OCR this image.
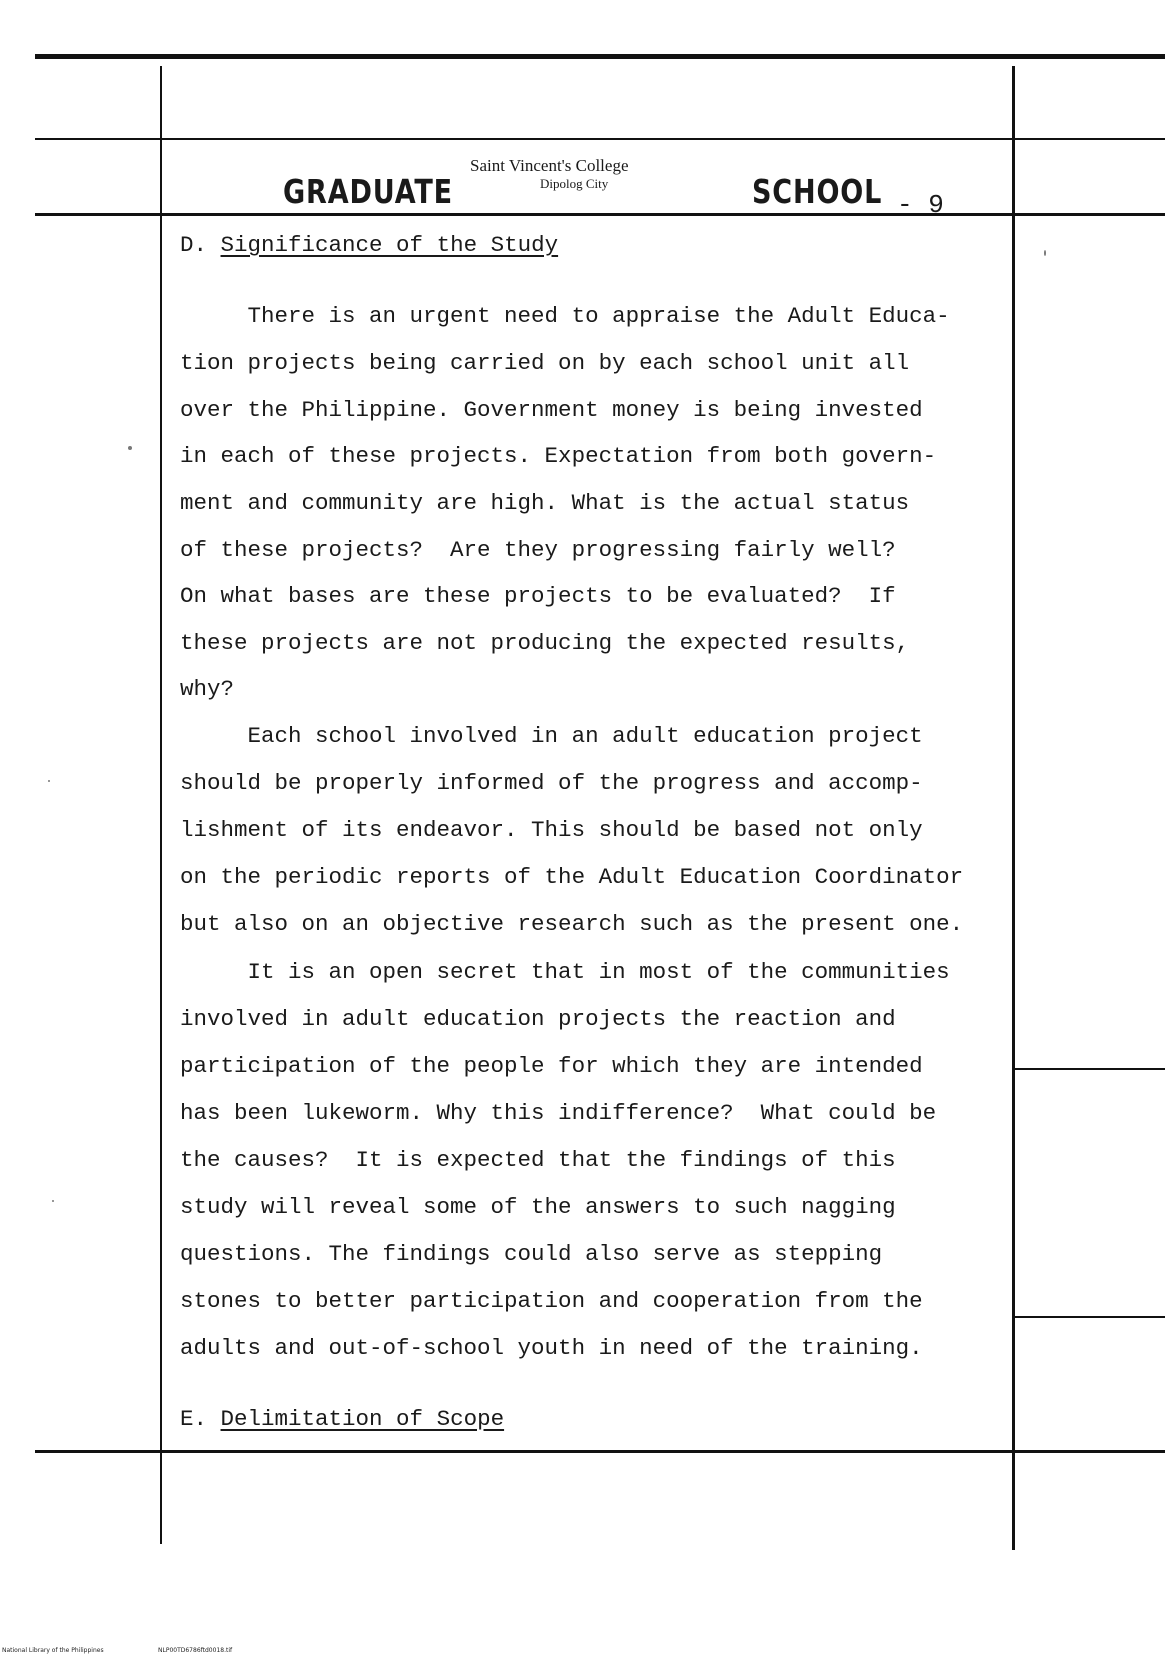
GRADUATE
Saint Vincent's College
Dipolog City	SCHOOL - 9
D. Significance of the Study
There is an urgent need to appraise the Adult Educa-
tion projects being carried on by each school unit all
over the Philippine. Government money is being invested
in each of these projects. Expectation from both govern-
ment and community are high. What is the actual status
of these projects?  Are they progressing fairly well?
On what bases are these projects to be evaluated?  If
these projects are not producing the expected results,
why?
Each school involved in an adult education project
should be properly informed of the progress and accomp-
lishment of its endeavor. This should be based not only
on the periodic reports of the Adult Education Coordinator
but also on an objective research such as the present one.
It is an open secret that in most of the communities
involved in adult education projects the reaction and
participation of the people for which they are intended
has been lukeworm. Why this indifference?  What could be
the causes?  It is expected that the findings of this
study will reveal some of the answers to such nagging
questions. The findings could also serve as stepping
stones to better participation and cooperation from the
adults and out-of-school youth in need of the training.
E. Delimitation of Scope
National Library of the Philippines	NLP00TD6786ftd0018.tif
